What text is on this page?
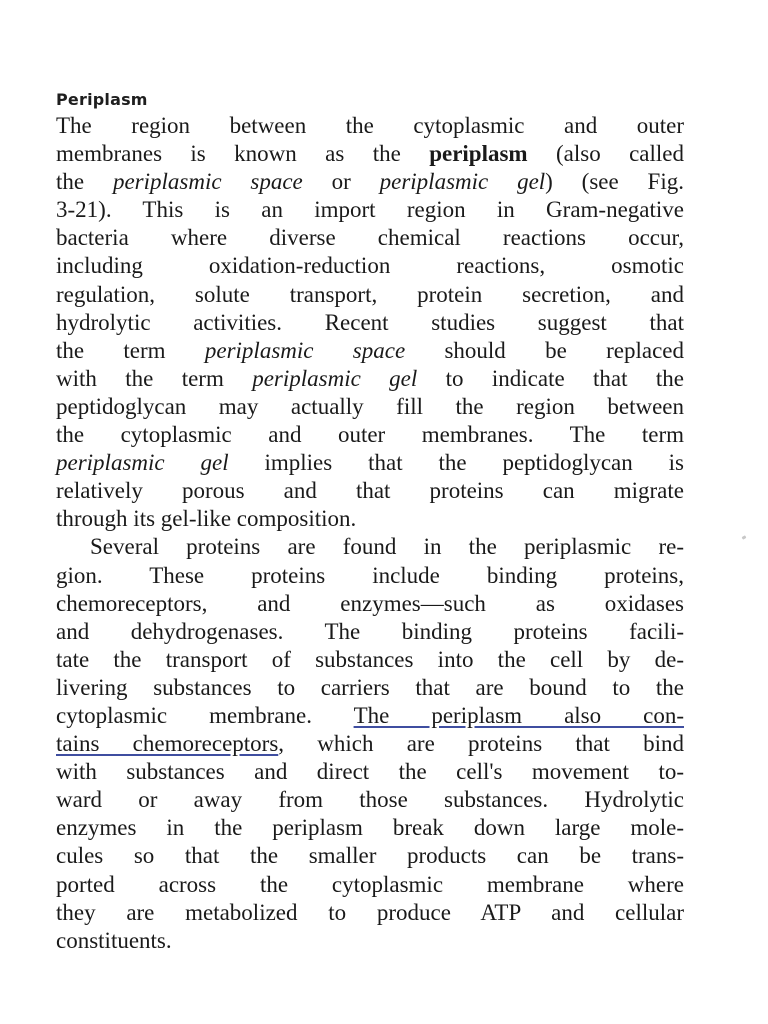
Periplasm
The region between the cytoplasmic and outer
membranes is known as the periplasm (also called
the periplasmic space or periplasmic gel) (see Fig.
3-21). This is an import region in Gram-negative
bacteria where diverse chemical reactions occur,
including oxidation-reduction reactions, osmotic
regulation, solute transport, protein secretion, and
hydrolytic activities. Recent studies suggest that
the term periplasmic space should be replaced
with the term periplasmic gel to indicate that the
peptidoglycan may actually fill the region between
the cytoplasmic and outer membranes. The term
periplasmic gel implies that the peptidoglycan is
relatively porous and that proteins can migrate
through its gel-like composition.
Several proteins are found in the periplasmic re-
gion. These proteins include binding proteins,
chemoreceptors, and enzymes—such as oxidases
and dehydrogenases. The binding proteins facili-
tate the transport of substances into the cell by de-
livering substances to carriers that are bound to the
cytoplasmic membrane. The periplasm also con-
tains chemoreceptors, which are proteins that bind
with substances and direct the cell's movement to-
ward or away from those substances. Hydrolytic
enzymes in the periplasm break down large mole-
cules so that the smaller products can be trans-
ported across the cytoplasmic membrane where
they are metabolized to produce ATP and cellular
constituents.
